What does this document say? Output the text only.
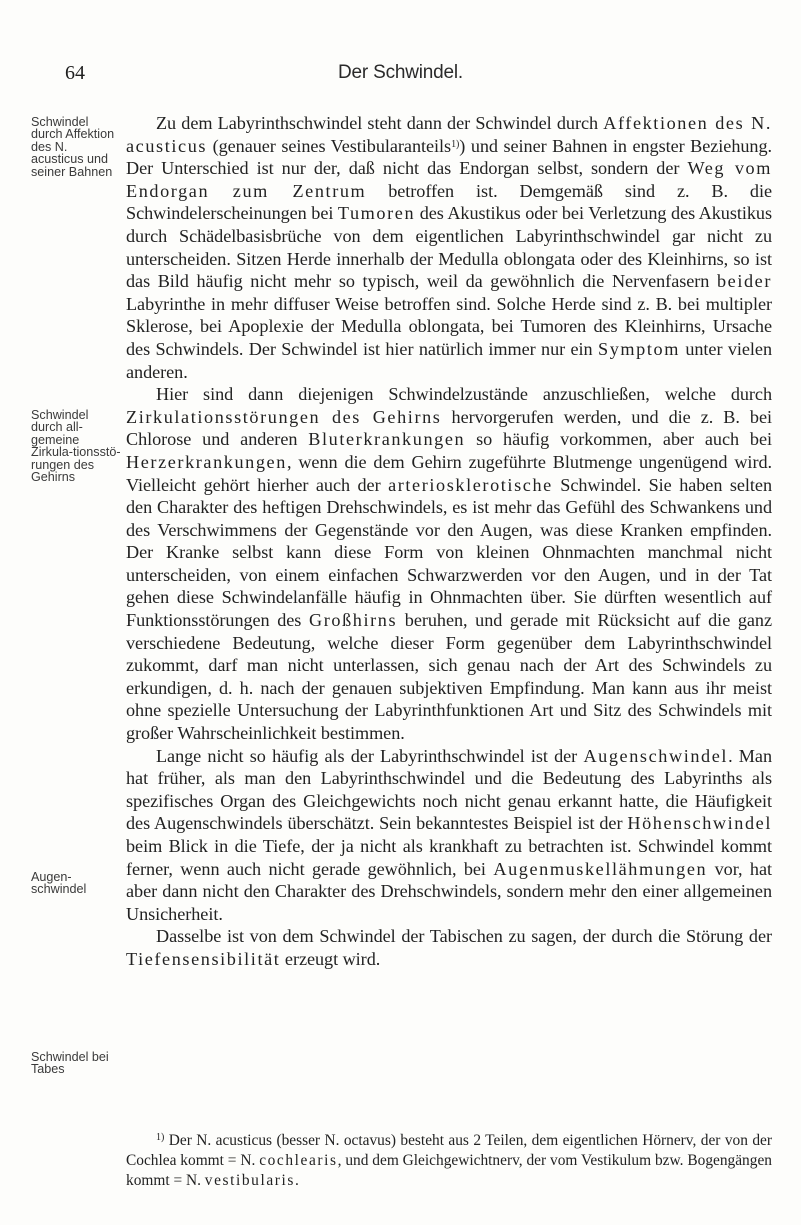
64	Der Schwindel.
Schwindel durch Affektion des N. acusticus und seiner Bahnen
Schwindel durch all-gemeine Zirkula-tionsstö-rungen des Gehirns
Augen-schwindel
Schwindel bei Tabes

Zu dem Labyrinthschwindel steht dann der Schwindel durch Affektionen des N. acusticus (genauer seines Vestibularanteils$^{1)}$) und seiner Bahnen in engster Beziehung. Der Unterschied ist nur der, daß nicht das Endorgan selbst, sondern der Weg vom Endorgan zum Zentrum betroffen ist. Demgemäß sind z. B. die Schwindelerscheinungen bei Tumoren des Akustikus oder bei Verletzung des Akustikus durch Schädelbasisbrüche von dem eigentlichen Labyrinthschwindel gar nicht zu unterscheiden. Sitzen Herde innerhalb der Medulla oblongata oder des Kleinhirns, so ist das Bild häufig nicht mehr so typisch, weil da gewöhnlich die Nervenfasern beider Labyrinthe in mehr diffuser Weise betroffen sind. Solche Herde sind z. B. bei multipler Sklerose, bei Apoplexie der Medulla oblongata, bei Tumoren des Kleinhirns, Ursache des Schwindels. Der Schwindel ist hier natürlich immer nur ein Symptom unter vielen anderen.

Hier sind dann diejenigen Schwindelzustände anzuschließen, welche durch Zirkulationsstörungen des Gehirns hervorgerufen werden, und die z. B. bei Chlorose und anderen Bluterkrankungen so häufig vorkommen, aber auch bei Herzerkrankungen, wenn die dem Gehirn zugeführte Blutmenge ungenügend wird. Vielleicht gehört hierher auch der arteriosklerotische Schwindel. Sie haben selten den Charakter des heftigen Drehschwindels, es ist mehr das Gefühl des Schwankens und des Verschwimmens der Gegenstände vor den Augen, was diese Kranken empfinden. Der Kranke selbst kann diese Form von kleinen Ohnmachten manchmal nicht unterscheiden, von einem einfachen Schwarzwerden vor den Augen, und in der Tat gehen diese Schwindelanfälle häufig in Ohnmachten über. Sie dürften wesentlich auf Funktionsstörungen des Großhirns beruhen, und gerade mit Rücksicht auf die ganz verschiedene Bedeutung, welche dieser Form gegenüber dem Labyrinthschwindel zukommt, darf man nicht unterlassen, sich genau nach der Art des Schwindels zu erkundigen, d. h. nach der genauen subjektiven Empfindung. Man kann aus ihr meist ohne spezielle Untersuchung der Labyrinthfunktionen Art und Sitz des Schwindels mit großer Wahrscheinlichkeit bestimmen.

Lange nicht so häufig als der Labyrinthschwindel ist der Augenschwindel. Man hat früher, als man den Labyrinthschwindel und die Bedeutung des Labyrinths als spezifisches Organ des Gleichgewichts noch nicht genau erkannt hatte, die Häufigkeit des Augenschwindels überschätzt. Sein bekanntestes Beispiel ist der Höhenschwindel beim Blick in die Tiefe, der ja nicht als krankhaft zu betrachten ist. Schwindel kommt ferner, wenn auch nicht gerade gewöhnlich, bei Augenmuskellähmungen vor, hat aber dann nicht den Charakter des Drehschwindels, sondern mehr den einer allgemeinen Unsicherheit.

Dasselbe ist von dem Schwindel der Tabischen zu sagen, der durch die Störung der Tiefensensibilität erzeugt wird.

$^{1)}$ Der N. acusticus (besser N. octavus) besteht aus 2 Teilen, dem eigentlichen Hörnerv, der von der Cochlea kommt = N. cochlearis, und dem Gleichgewichtnerv, der vom Vestikulum bzw. Bogengängen kommt = N. vestibularis.
